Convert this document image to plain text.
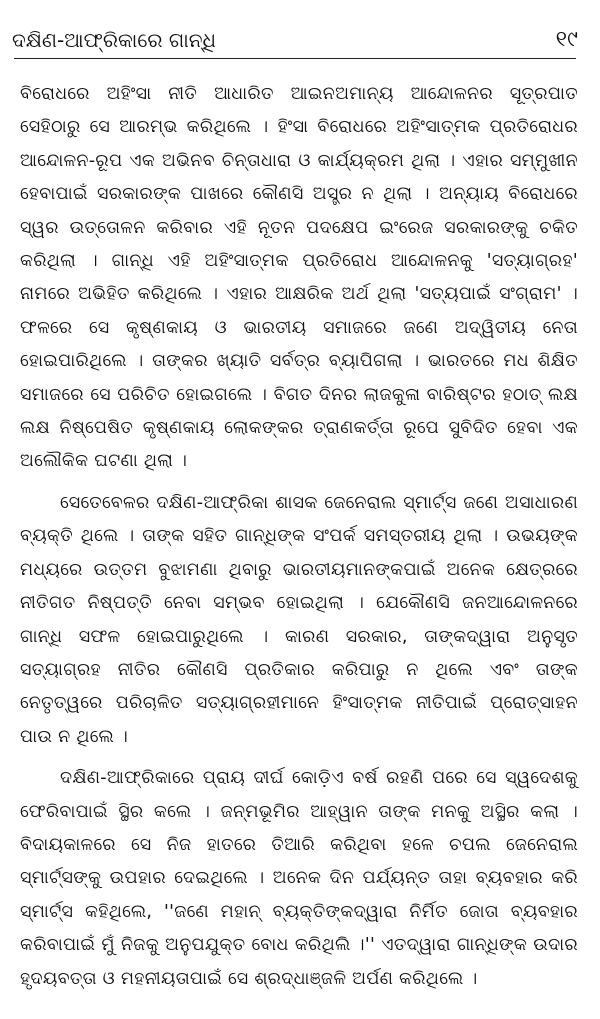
ଦକ୍ଷିଣ-ଆଫ୍ରିକାରେ ଗାନ୍ଧି	୧୯

ବିରୋଧରେ ଅହିଂସା ନୀତି ଆଧାରିତ ଆଇନଅମାନ୍ୟ ଆନ୍ଦୋଳନର ସୂତ୍ରପାତ ସେହିଠାରୁ ସେ ଆରମ୍ଭ କରିଥିଲେ । ହିଂସା ବିରୋଧରେ ଅହିଂସାତ୍ମକ ପ୍ରତିରୋଧର ଆନ୍ଦୋଳନ-ରୂପ ଏକ ଅଭିନବ ଚିନ୍ତାଧାରା ଓ କାର୍ଯ୍ୟକ୍ରମ ଥିଲା । ଏହାର ସମ୍ମୁଖୀନ ହେବାପାଇଁ ସରକାରଙ୍କ ପାଖରେ କୌଣସି ଅସ୍ତ୍ର ନ ଥିଲା । ଅନ୍ୟାୟ ବିରୋଧରେ ସ୍ୱର ଉତ୍ତୋଳନ କରିବାର ଏହି ନୂତନ ପଦକ୍ଷେପ ଇଂରେଜ ସରକାରଙ୍କୁ ଚକିତ କରିଥିଲା । ଗାନ୍ଧି ଏହି ଅହିଂସାତ୍ମକ ପ୍ରତିରୋଧ ଆନ୍ଦୋଳନକୁ 'ସତ୍ୟାଗ୍ରହ' ନାମରେ ଅଭିହିତ କରିଥିଲେ । ଏହାର ଆକ୍ଷରିକ ଅର୍ଥ ଥିଲା 'ସତ୍ୟପାଇଁ ସଂଗ୍ରାମ' । ଫଳରେ ସେ କୃଷ୍ଣକାୟ ଓ ଭାରତୀୟ ସମାଜରେ ଜଣେ ଅଦ୍ୱିତୀୟ ନେତା ହୋଇପାରିଥିଲେ । ତାଙ୍କର ଖ୍ୟାତି ସର୍ବତ୍ର ବ୍ୟାପିଗଲା । ଭାରତରେ ମଧ ଶିକ୍ଷିତ ସମାଜରେ ସେ ପରିଚିତ ହୋଇଗଲେ । ବିଗତ ଦିନର ଲାଜକୁଳା ବାରିଷ୍ଟର ହଠାତ୍ ଲକ୍ଷ ଲକ୍ଷ ନିଷ୍ପେଷିତ କୃଷ୍ଣକାୟ ଲୋକଙ୍କର ତ୍ରାଣକର୍ତ୍ତା ରୂପେ ସୁବିଦିତ ହେବା ଏକ ଅଲୌକିକ ଘଟଣା ଥିଲା ।

ସେତେବେଳର ଦକ୍ଷିଣ-ଆଫ୍ରିକା ଶାସକ ଜେନେରାଲ ସ୍ମାର୍ଟ୍‌ସ ଜଣେ ଅସାଧାରଣ ବ୍ୟକ୍ତି ଥିଲେ । ତାଙ୍କ ସହିତ ଗାନ୍ଧିଙ୍କ ସଂପର୍କ ସମସ୍ତରୀୟ ଥିଲା । ଉଭୟଙ୍କ ମଧ୍ୟରେ ଉତ୍ତମ ବୁଝାମଣା ଥିବାରୁ ଭାରତୀୟମାନଙ୍କପାଇଁ ଅନେକ କ୍ଷେତ୍ରରେ ନୀତିଗତ ନିଷ୍ପତ୍ତି ନେବା ସମ୍ଭବ ହୋଇଥିଲା । ଯେକୌଣସି ଜନଆନ୍ଦୋଳନରେ ଗାନ୍ଧି ସଫଳ ହୋଇପାରୁଥିଲେ । କାରଣ ସରକାର, ତାଙ୍କଦ୍ୱାରା ଅନୁସୃତ ସତ୍ୟାଗ୍ରହ ନୀତିର କୌଣସି ପ୍ରତିକାର କରିପାରୁ ନ ଥିଲେ ଏବଂ ତାଙ୍କ ନେତୃତ୍ୱରେ ପରିଚାଳିତ ସତ୍ୟାଗ୍ରହୀମାନେ ହିଂସାତ୍ମକ ନୀତିପାଇଁ ପ୍ରୋତ୍ସାହନ ପାଉ ନ ଥିଲେ ।

ଦକ୍ଷିଣ-ଆଫ୍ରିକାରେ ପ୍ରାୟ ଦୀର୍ଘ କୋଡ଼ିଏ ବର୍ଷ ରହଣି ପରେ ସେ ସ୍ୱଦେଶକୁ ଫେରିବାପାଇଁ ସ୍ଥିର କଲେ । ଜନ୍ମଭୂମିର ଆହ୍ୱାନ ତାଙ୍କ ମନକୁ ଅସ୍ଥିର କଲା । ବିଦାୟକାଳରେ ସେ ନିଜ ହାତରେ ତିଆରି କରିଥିବା ହଳେ ଚପଲ ଜେନେରାଲ ସ୍ମାର୍ଟ୍‌ସଙ୍କୁ ଉପହାର ଦେଇଥିଲେ । ଅନେକ ଦିନ ପର୍ଯ୍ୟନ୍ତ ତାହା ବ୍ୟବହାର କରି ସ୍ମାର୍ଟ୍‌ସ କହିଥିଲେ, ''ଜଣେ ମହାନ୍ ବ୍ୟକ୍ତିଙ୍କଦ୍ୱାରା ନିର୍ମିତ ଜୋତା ବ୍ୟବହାର କରିବାପାଇଁ ମୁଁ ନିଜକୁ ଅନୁପଯୁକ୍ତ ବୋଧ କରିଥିଲି ।'' ଏତଦ୍ୱାରା ଗାନ୍ଧିଙ୍କ ଉଦାର ହୃଦୟବତ୍ତା ଓ ମହନୀୟତାପାଇଁ ସେ ଶ୍ରଦ୍ଧାଞ୍ଜଳି ଅର୍ପଣ କରିଥିଲେ ।
